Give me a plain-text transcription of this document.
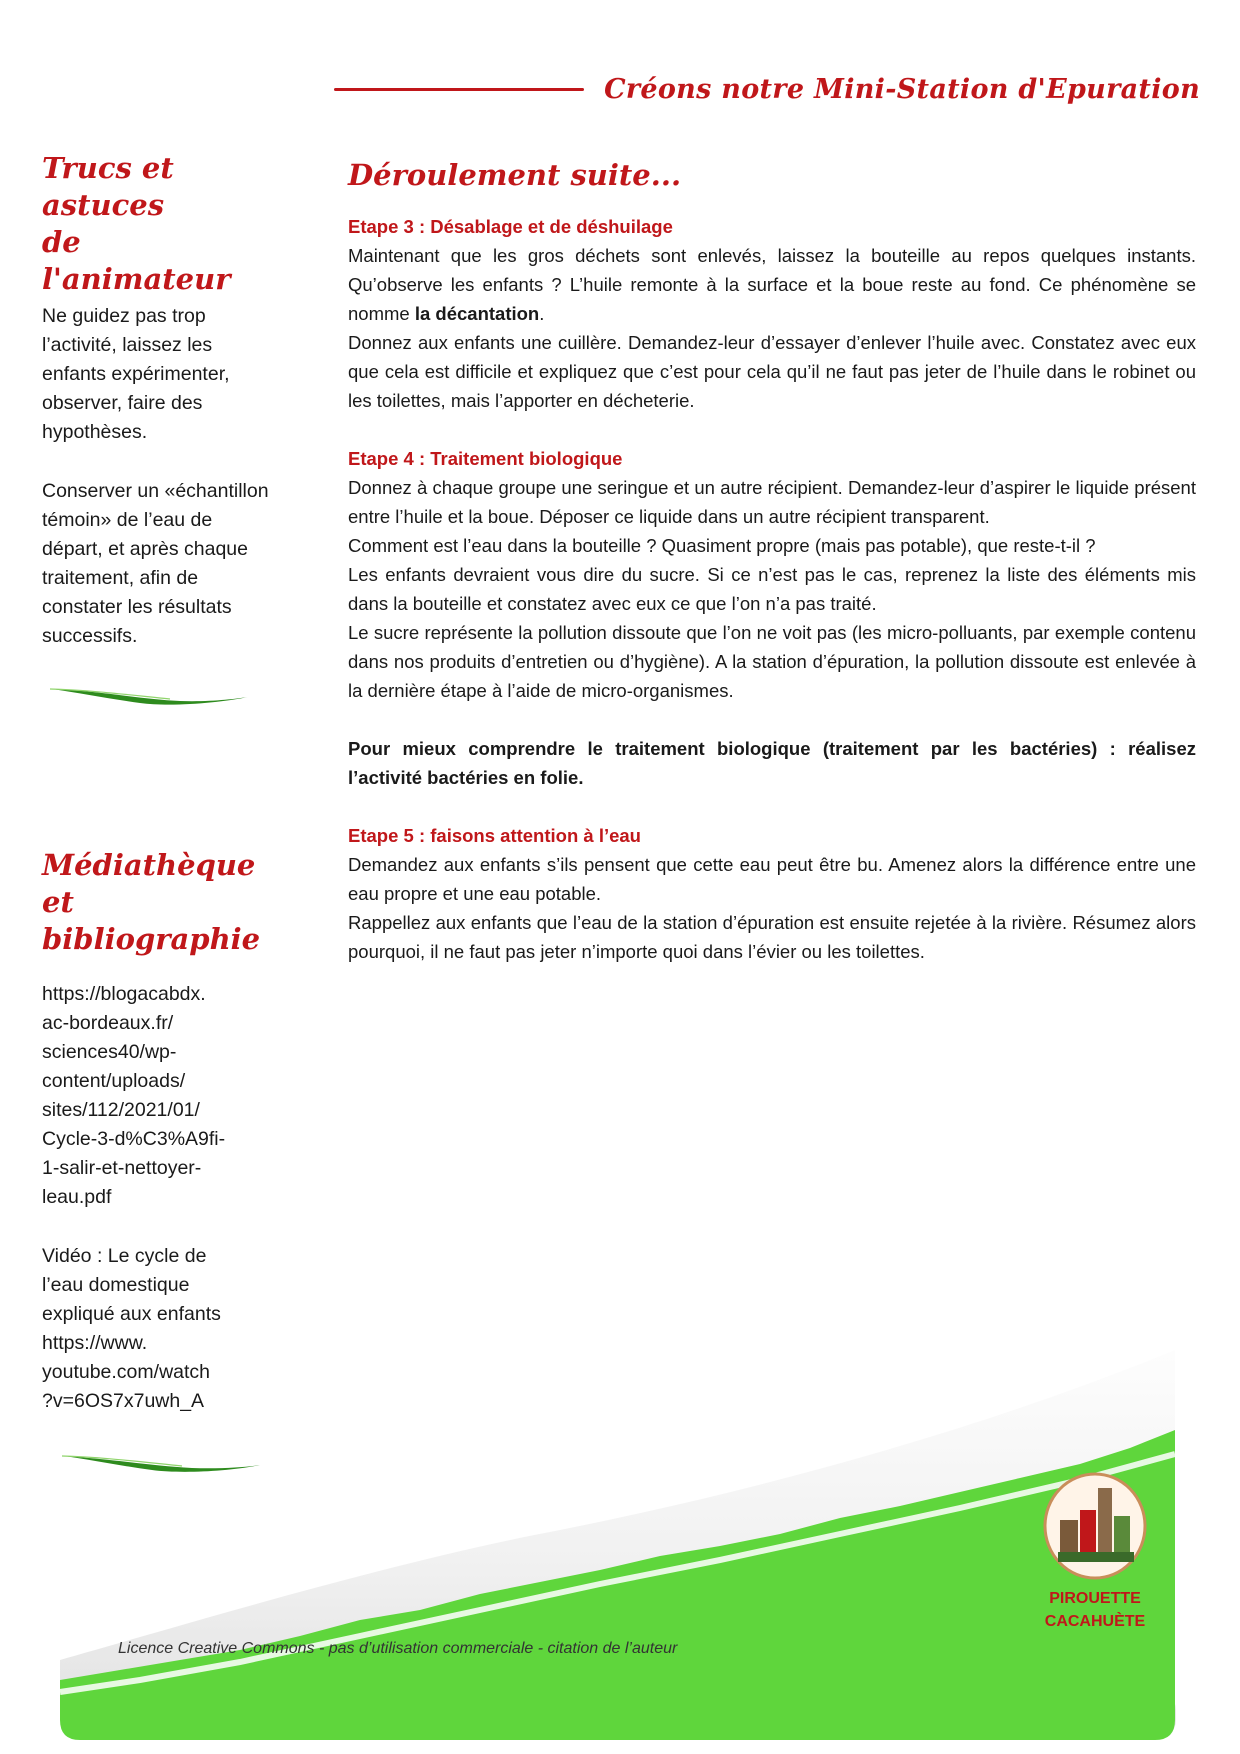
Créons notre Mini-Station d'Epuration
Trucs et astuces
de l'animateur

Ne guidez pas trop l’activité, laissez les enfants expérimenter, observer, faire des hypothèses.

Conserver un «échantillon témoin» de l’eau de départ, et après chaque traitement, afin de constater les résultats successifs.

Médiathèque et
bibliographie
https://blogacabdx.
ac-bordeaux.fr/
sciences40/wp-
content/uploads/
sites/112/2021/01/
Cycle-3-d%C3%A9fi-
1-salir-et-nettoyer-
leau.pdf
Vidéo : Le cycle de
l’eau domestique
expliqué aux enfants
https://www.
youtube.com/watch
?v=6OS7x7uwh_A
Déroulement suite...

Etape 3 : Désablage et de déshuilage

Maintenant que les gros déchets sont enlevés, laissez la bouteille au repos quelques instants. Qu’observe les enfants ? L’huile remonte à la surface et la boue reste au fond. Ce phénomène se nomme la décantation.

Donnez aux enfants une cuillère. Demandez-leur d’essayer d’enlever l’huile avec. Constatez avec eux que cela est difficile et expliquez que c’est pour cela qu’il ne faut pas jeter de l’huile dans le robinet ou les toilettes, mais l’apporter en décheterie.

Etape 4 : Traitement biologique

Donnez à chaque groupe une seringue et un autre récipient. Demandez-leur d’aspirer le liquide présent entre l’huile et la boue. Déposer ce liquide dans un autre récipient transparent.

Comment est l’eau dans la bouteille ? Quasiment propre (mais pas potable), que reste-t-il ?

Les enfants devraient vous dire du sucre. Si ce n’est pas le cas, reprenez la liste des éléments mis dans la bouteille et constatez avec eux ce que l’on n’a pas traité.

Le sucre représente la pollution dissoute que l’on ne voit pas (les micro-polluants, par exemple contenu dans nos produits d’entretien ou d’hygiène). A la station d’épuration, la pollution dissoute est enlevée à la dernière étape à l’aide de micro-organismes.

Pour mieux comprendre le traitement biologique (traitement par les bactéries) : réalisez l’activité bactéries en folie.

Etape 5 : faisons attention à l’eau

Demandez aux enfants s’ils pensent que cette eau peut être bu. Amenez alors la différence entre une eau propre et une eau potable.

Rappellez aux enfants que l’eau de la station d’épuration est ensuite rejetée à la rivière. Résumez alors pourquoi, il ne faut pas jeter n’importe quoi dans l’évier ou les toilettes.

Licence Creative Commons - pas d’utilisation commerciale - citation de l’auteur
PIROUETTE
CACAHUÈTE
